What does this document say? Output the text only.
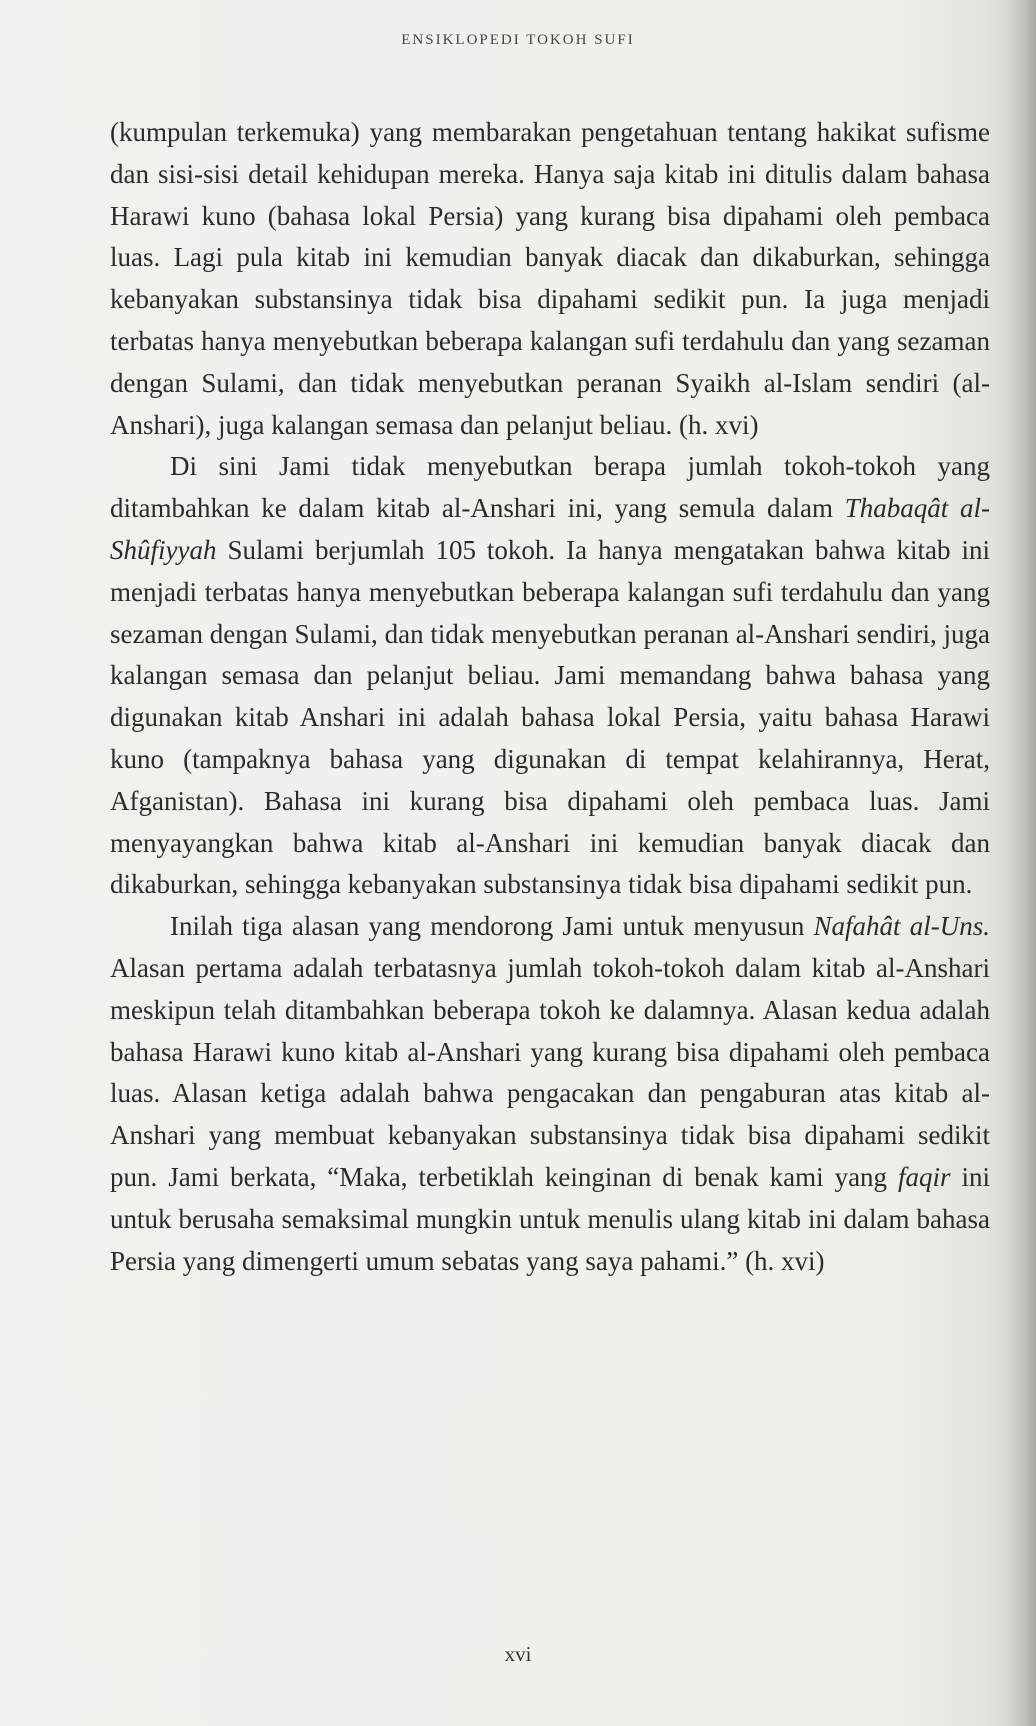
ENSIKLOPEDI TOKOH SUFI

(kumpulan terkemuka) yang membarakan pengetahuan tentang hakikat sufisme dan sisi-sisi detail kehidupan mereka. Hanya saja kitab ini ditulis dalam bahasa Harawi kuno (bahasa lokal Persia) yang kurang bisa dipahami oleh pembaca luas. Lagi pula kitab ini kemudian banyak diacak dan dikaburkan, sehingga kebanyakan substansinya tidak bisa dipahami sedikit pun. Ia juga menjadi terbatas hanya menyebutkan beberapa kalangan sufi terdahulu dan yang sezaman dengan Sulami, dan tidak menyebutkan peranan Syaikh al-Islam sendiri (al-Anshari), juga kalangan semasa dan pelanjut beliau. (h. xvi)

Di sini Jami tidak menyebutkan berapa jumlah tokoh-tokoh yang ditambahkan ke dalam kitab al-Anshari ini, yang semula dalam Thabaqât al-Shûfiyyah Sulami berjumlah 105 tokoh. Ia hanya mengatakan bahwa kitab ini menjadi terbatas hanya menyebutkan beberapa kalangan sufi terdahulu dan yang sezaman dengan Sulami, dan tidak menyebutkan peranan al-Anshari sendiri, juga kalangan semasa dan pelanjut beliau. Jami memandang bahwa bahasa yang digunakan kitab Anshari ini adalah bahasa lokal Persia, yaitu bahasa Harawi kuno (tampaknya bahasa yang digunakan di tempat kelahirannya, Herat, Afganistan). Bahasa ini kurang bisa dipahami oleh pembaca luas. Jami menyayangkan bahwa kitab al-Anshari ini kemudian banyak diacak dan dikaburkan, sehingga kebanyakan substansinya tidak bisa dipahami sedikit pun.

Inilah tiga alasan yang mendorong Jami untuk menyusun Nafahât al-Uns. Alasan pertama adalah terbatasnya jumlah tokoh-tokoh dalam kitab al-Anshari meskipun telah ditambahkan beberapa tokoh ke dalamnya. Alasan kedua adalah bahasa Harawi kuno kitab al-Anshari yang kurang bisa dipahami oleh pembaca luas. Alasan ketiga adalah bahwa pengacakan dan pengaburan atas kitab al-Anshari yang membuat kebanyakan substansinya tidak bisa dipahami sedikit pun. Jami berkata, “Maka, terbetiklah keinginan di benak kami yang faqir ini untuk berusaha semaksimal mungkin untuk menulis ulang kitab ini dalam bahasa Persia yang dimengerti umum sebatas yang saya pahami.” (h. xvi)

xvi
